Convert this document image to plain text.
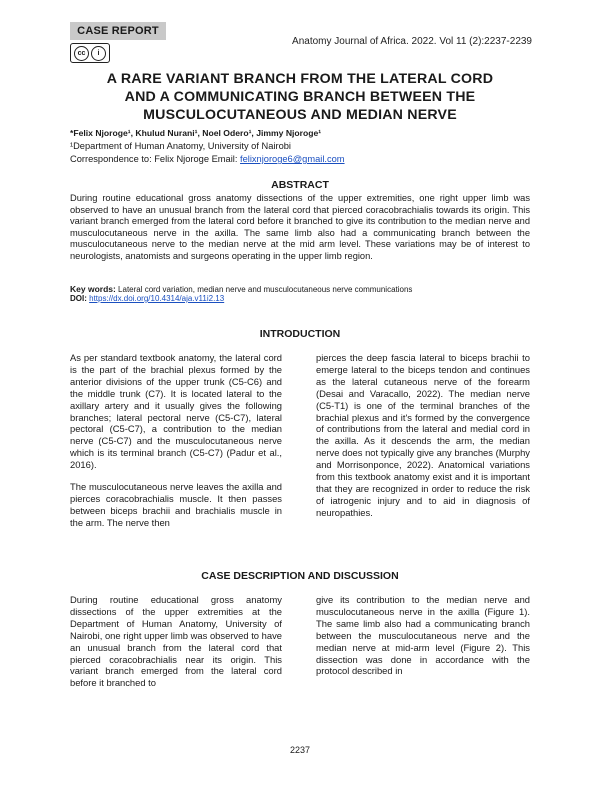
CASE REPORT
cc	i
Anatomy Journal of Africa. 2022. Vol 11 (2):2237-2239
A RARE VARIANT BRANCH FROM THE LATERAL CORD
AND A COMMUNICATING BRANCH BETWEEN THE
MUSCULOCUTANEOUS AND MEDIAN NERVE
*Felix Njoroge¹, Khulud Nurani¹, Noel Odero¹, Jimmy Njoroge¹
¹Department of Human Anatomy, University of Nairobi
Correspondence to: Felix Njoroge Email: felixnjoroge6@gmail.com
ABSTRACT

During routine educational gross anatomy dissections of the upper extremities, one right upper limb was observed to have an unusual branch from the lateral cord that pierced coracobrachialis towards its origin. This variant branch emerged from the lateral cord before it branched to give its contribution to the median nerve and musculocutaneous nerve in the axilla. The same limb also had a communicating branch between the musculocutaneous nerve to the median nerve at the mid arm level. These variations may be of interest to neurologists, anatomists and surgeons operating in the upper limb region.

Key words: Lateral cord variation, median nerve and musculocutaneous nerve communications
DOI: https://dx.doi.org/10.4314/aja.v11i2.13
INTRODUCTION

As per standard textbook anatomy, the lateral cord is the part of the brachial plexus formed by the anterior divisions of the upper trunk (C5-C6) and the middle trunk (C7). It is located lateral to the axillary artery and it usually gives the following branches; lateral pectoral nerve (C5-C7), lateral pectoral (C5-C7), a contribution to the median nerve (C5-C7) and the musculocutaneous nerve which is its terminal branch (C5-C7) (Padur et al., 2016).

The musculocutaneous nerve leaves the axilla and pierces coracobrachialis muscle. It then passes between biceps brachii and brachialis muscle in the arm. The nerve then

pierces the deep fascia lateral to biceps brachii to emerge lateral to the biceps tendon and continues as the lateral cutaneous nerve of the forearm (Desai and Varacallo, 2022). The median nerve (C5-T1) is one of the terminal branches of the brachial plexus and it's formed by the convergence of contributions from the lateral and medial cord in the axilla. As it descends the arm, the median nerve does not typically give any branches (Murphy and Morrisonponce, 2022). Anatomical variations from this textbook anatomy exist and it is important that they are recognized in order to reduce the risk of iatrogenic injury and to aid in diagnosis of neuropathies.

CASE DESCRIPTION AND DISCUSSION

During routine educational gross anatomy dissections of the upper extremities at the Department of Human Anatomy, University of Nairobi, one right upper limb was observed to have an unusual branch from the lateral cord that pierced coracobrachialis near its origin. This variant branch emerged from the lateral cord before it branched to

give its contribution to the median nerve and musculocutaneous nerve in the axilla (Figure 1). The same limb also had a communicating branch between the musculocutaneous nerve and the median nerve at mid-arm level (Figure 2). This dissection was done in accordance with the protocol described in

2237
